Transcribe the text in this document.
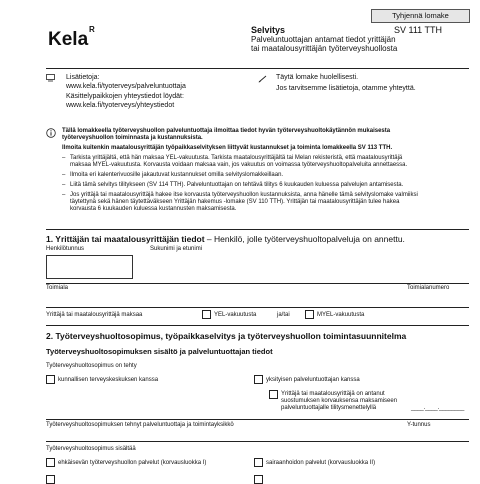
Tyhjennä lomake
Kela R	Selvitys
Palveluntuottajan antamat tiedot yrittäjän
tai maatalousyrittäjän työterveyshuollosta
SV 111 TTH
Lisätietoja:
www.kela.fi/tyoterveys/palveluntuottaja
Käsittelypaikkojen yhteystiedot löydät:
www.kela.fi/tyoterveys/yhteystiedot
Täytä lomake huolellisesti.
Jos tarvitsemme lisätietoja, otamme yhteyttä.
Tällä lomakkeella työterveyshuollon palveluntuottaja ilmoittaa tiedot hyvän työterveyshuoltokäytännön mukaisesta
työterveyshuollon toiminnasta ja kustannuksista.
Ilmoita kuitenkin maatalousyrittäjän työpaikkaselvityksen liittyvät kustannukset ja toiminta lomakkeella SV 113 TTH.
– Tarkista yrittäjältä, että hän maksaa YEL-vakuutusta. Tarkista maatalousyrittäjältä tai Melan rekisteristä, että maatalousyrittäjä
maksaa MYEL-vakuutusta. Korvausta voidaan maksaa vain, jos vakuutus on voimassa työterveyshuoltopalveluita annettaessa.
– Ilmoita eri kalenterivuosille jakautuvat kustannukset omilla selvityslomakkeillaan.
– Liitä tämä selvitys tilitykseen (SV 114 TTH). Palveluntuottajan on tehtävä tilitys 6 kuukauden kuluessa palvelujen antamisesta.
– Jos yrittäjä tai maatalousyrittäjä hakee itse korvausta työterveyshuollon kustannuksista, anna hänelle tämä selvityslomake valmiiksi
täytettynä sekä hänen täytettäväkseen Yrittäjän hakemus -lomake (SV 110 TTH). Yrittäjän tai maatalousyrittäjän tulee hakea
korvausta 6 kuukauden kuluessa kustannusten maksamisesta.
1. Yrittäjän tai maatalousyrittäjän tiedot – Henkilö, jolle työterveyshuoltopalveluja on annettu.
Henkilötunnus	Sukunimi ja etunimi
Toimiala	Toimialanumero
Yrittäjä tai maatalousyrittäjä maksaa	YEL-vakuutusta	ja/tai	MYEL-vakuutusta
2. Työterveyshuoltosopimus, työpaikkaselvitys ja työterveyshuollon toimintasuunnitelma
Työterveyshuoltosopimuksen sisältö ja palveluntuottajan tiedot
Työterveyshuoltosopimus on tehty
kunnallisen terveyskeskuksen kanssa	yksityisen palveluntuottajan kanssa
Yrittäjä tai maatalousyrittäjä on antanut
suostumuksen korvauksensa maksamiseen
palveluntuottajalle tilitysmenettelyllä	____.____.________
Työterveyshuoltosopimuksen tehnyt palveluntuottaja ja toimintayksikkö	Y-tunnus
Työterveyshuoltosopimus sisältää
ehkäisevän työterveyshuollon palvelut (korvausluokka I)	sairaanhoidon palvelut (korvausluokka II)
